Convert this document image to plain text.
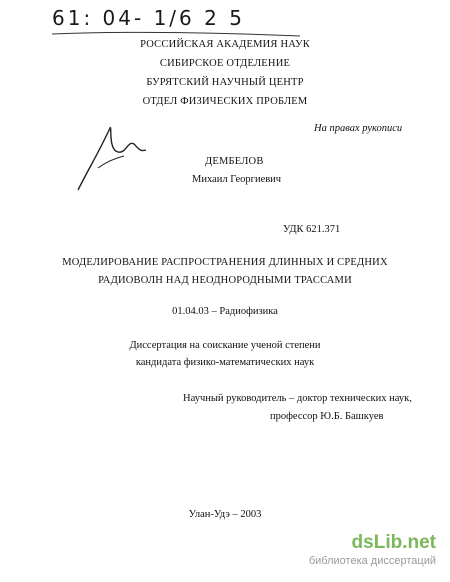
61: 04- 1/6 2 5
РОССИЙСКАЯ АКАДЕМИЯ НАУК
СИБИРСКОЕ ОТДЕЛЕНИЕ
БУРЯТСКИЙ НАУЧНЫЙ ЦЕНТР
ОТДЕЛ ФИЗИЧЕСКИХ ПРОБЛЕМ
На правах рукописи
ДЕМБЕЛОВ
Михаил Георгиевич
УДК 621.371
МОДЕЛИРОВАНИЕ РАСПРОСТРАНЕНИЯ ДЛИННЫХ И СРЕДНИХ
РАДИОВОЛН НАД НЕОДНОРОДНЫМИ ТРАССАМИ
01.04.03 – Радиофизика
Диссертация на соискание ученой степени
кандидата физико-математических наук
Научный руководитель – доктор технических наук,
профессор Ю.Б. Башкуев
Улан-Удэ – 2003
dsLib.net
библиотека диссертаций
